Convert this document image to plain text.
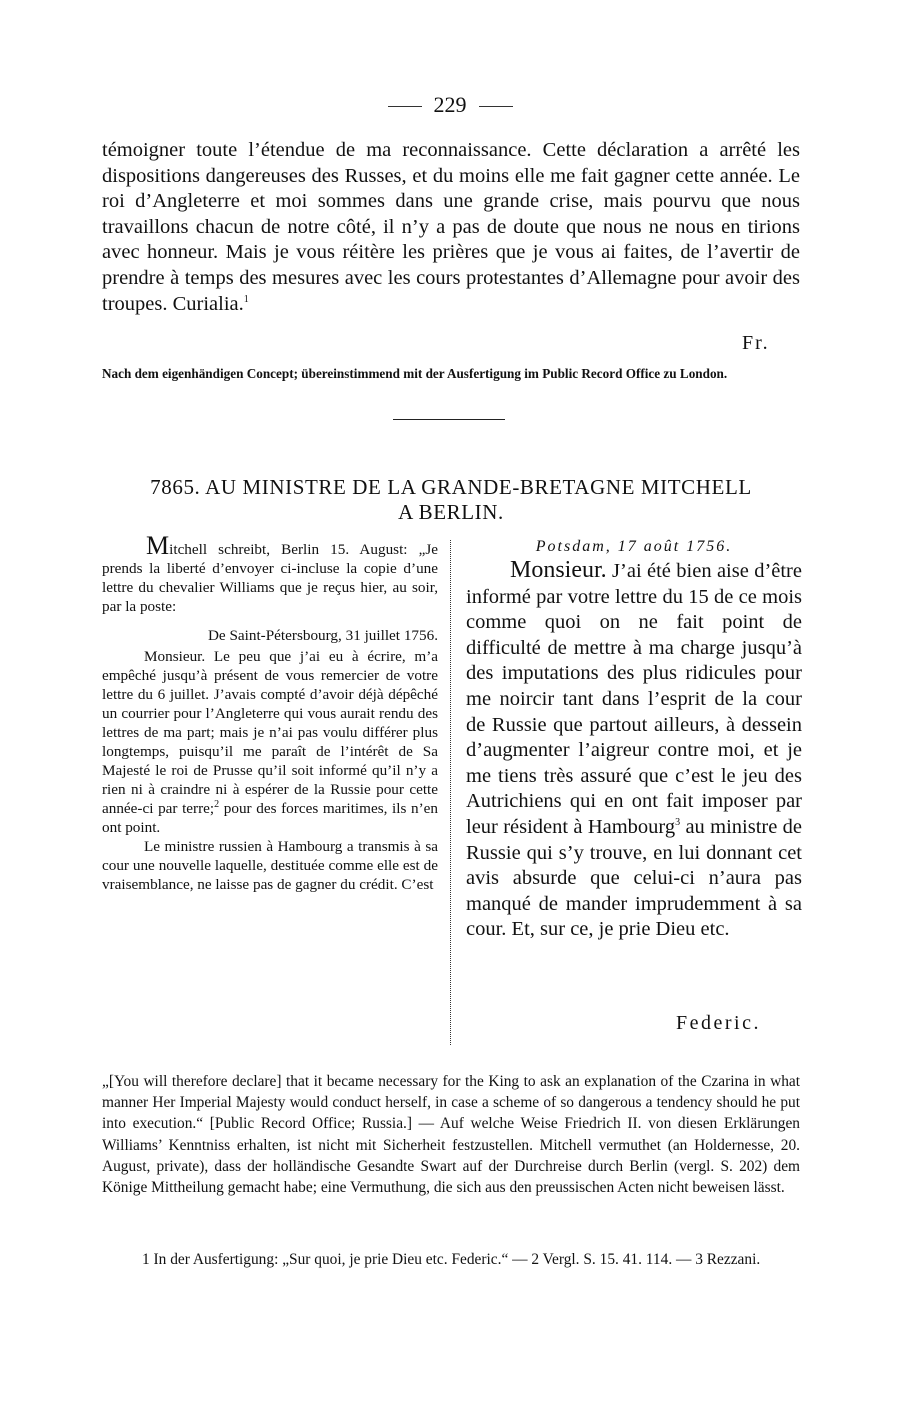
229
témoigner toute l’étendue de ma reconnaissance. Cette déclaration a arrêté les dispositions dangereuses des Russes, et du moins elle me fait gagner cette année. Le roi d’Angleterre et moi sommes dans une grande crise, mais pourvu que nous travaillons chacun de notre côté, il n’y a pas de doute que nous ne nous en tirions avec honneur. Mais je vous réitère les prières que je vous ai faites, de l’avertir de prendre à temps des mesures avec les cours protestantes d’Allemagne pour avoir des troupes. Curialia.$^1$
Fr.
Nach dem eigenhändigen Concept; übereinstimmend mit der Ausfertigung im Public Record Office zu London.
7865. AU MINISTRE DE LA GRANDE-BRETAGNE MITCHELL
A BERLIN.

Mitchell schreibt, Berlin 15. August: „Je prends la liberté d’envoyer ci-incluse la copie d’une lettre du chevalier Williams que je reçus hier, au soir, par la poste:

De Saint-Pétersbourg, 31 juillet 1756.

Monsieur. Le peu que j’ai eu à écrire, m’a empêché jusqu’à présent de vous remercier de votre lettre du 6 juillet. J’avais compté d’avoir déjà dépêché un courrier pour l’Angleterre qui vous aurait rendu des lettres de ma part; mais je n’ai pas voulu différer plus longtemps, puisqu’il me paraît de l’intérêt de Sa Majesté le roi de Prusse qu’il soit informé qu’il n’y a rien ni à craindre ni à espérer de la Russie pour cette année-ci par terre;$^2$ pour des forces maritimes, ils n’en ont point.

Le ministre russien à Hambourg a transmis à sa cour une nouvelle laquelle, destituée comme elle est de vraisemblance, ne laisse pas de gagner du crédit. C’est

Potsdam, 17 août 1756.

Monsieur. J’ai été bien aise d’être informé par votre lettre du 15 de ce mois comme quoi on ne fait point de difficulté de mettre à ma charge jusqu’à des imputations des plus ridicules pour me noircir tant dans l’esprit de la cour de Russie que partout ailleurs, à dessein d’augmenter l’aigreur contre moi, et je me tiens très assuré que c’est le jeu des Autrichiens qui en ont fait imposer par leur résident à Hambourg$^3$ au ministre de Russie qui s’y trouve, en lui donnant cet avis absurde que celui-ci n’aura pas manqué de mander imprudemment à sa cour. Et, sur ce, je prie Dieu etc.

Federic.
„[You will therefore declare] that it became necessary for the King to ask an explanation of the Czarina in what manner Her Imperial Majesty would conduct herself, in case a scheme of so dangerous a tendency should he put into execution.“ [Public Record Office; Russia.] — Auf welche Weise Friedrich II. von diesen Erklärungen Williams’ Kenntniss erhalten, ist nicht mit Sicherheit festzustellen. Mitchell vermuthet (an Holdernesse, 20. August, private), dass der holländische Gesandte Swart auf der Durchreise durch Berlin (vergl. S. 202) dem Könige Mittheilung gemacht habe; eine Vermuthung, die sich aus den preussischen Acten nicht beweisen lässt.
1 In der Ausfertigung: „Sur quoi, je prie Dieu etc. Federic.“ — 2 Vergl. S. 15. 41. 114. — 3 Rezzani.
